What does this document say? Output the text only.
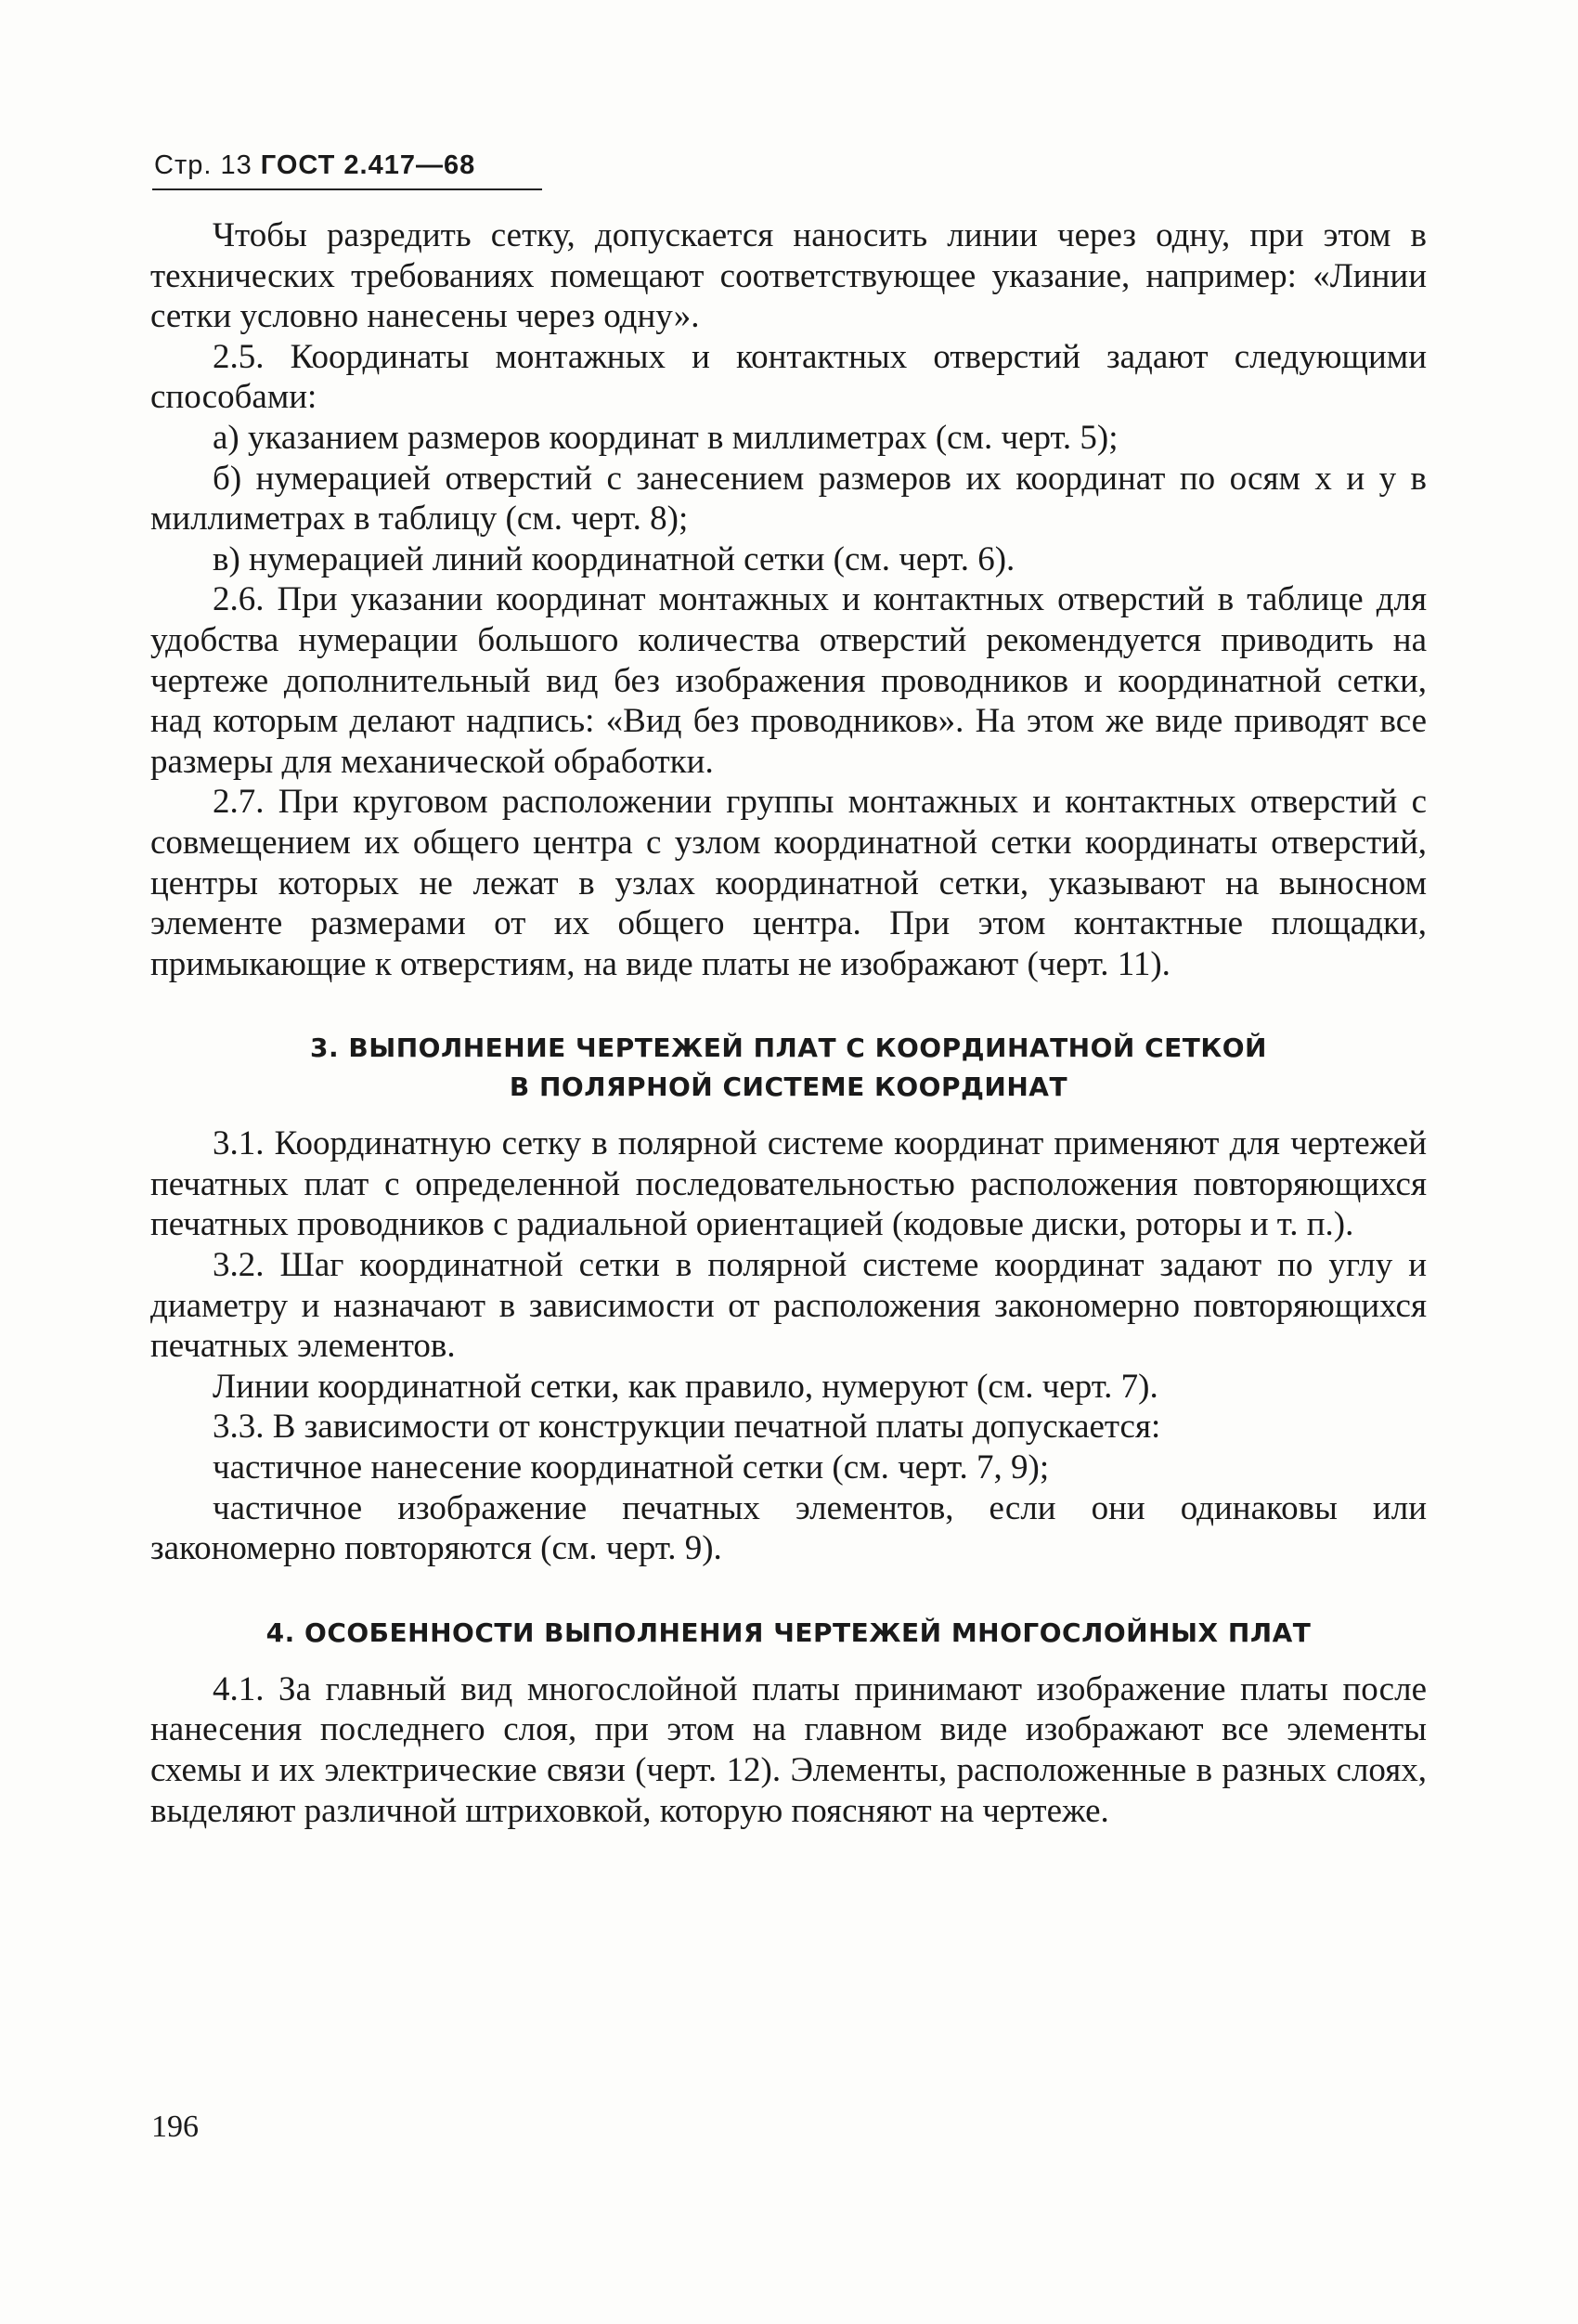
Стр. 13 ГОСТ 2.417—68

Чтобы разредить сетку, допускается наносить линии через одну, при этом в технических требованиях помещают соответствующее указание, например: «Линии сетки условно нанесены через одну».

2.5. Координаты монтажных и контактных отверстий задают следующими способами:

а) указанием размеров координат в миллиметрах (см. черт. 5);

б) нумерацией отверстий с занесением размеров их координат по осям x и y в миллиметрах в таблицу (см. черт. 8);

в) нумерацией линий координатной сетки (см. черт. 6).

2.6. При указании координат монтажных и контактных отверстий в таблице для удобства нумерации большого количества отверстий рекомендуется приводить на чертеже дополнительный вид без изображения проводников и координатной сетки, над которым делают надпись: «Вид без проводников». На этом же виде приводят все размеры для механической обработки.

2.7. При круговом расположении группы монтажных и контактных отверстий с совмещением их общего центра с узлом координатной сетки координаты отверстий, центры которых не лежат в узлах координатной сетки, указывают на выносном элементе размерами от их общего центра. При этом контактные площадки, примыкающие к отверстиям, на виде платы не изображают (черт. 11).

3. ВЫПОЛНЕНИЕ ЧЕРТЕЖЕЙ ПЛАТ С КООРДИНАТНОЙ СЕТКОЙ

В ПОЛЯРНОЙ СИСТЕМЕ КООРДИНАТ

3.1. Координатную сетку в полярной системе координат применяют для чертежей печатных плат с определенной последовательностью расположения повторяющихся печатных проводников с радиальной ориентацией (кодовые диски, роторы и т. п.).

3.2. Шаг координатной сетки в полярной системе координат задают по углу и диаметру и назначают в зависимости от расположения закономерно повторяющихся печатных элементов.

Линии координатной сетки, как правило, нумеруют (см. черт. 7).

3.3. В зависимости от конструкции печатной платы допускается:

частичное нанесение координатной сетки (см. черт. 7, 9);

частичное изображение печатных элементов, если они одинаковы или закономерно повторяются (см. черт. 9).

4. ОСОБЕННОСТИ ВЫПОЛНЕНИЯ ЧЕРТЕЖЕЙ МНОГОСЛОЙНЫХ ПЛАТ

4.1. За главный вид многослойной платы принимают изображение платы после нанесения последнего слоя, при этом на главном виде изображают все элементы схемы и их электрические связи (черт. 12). Элементы, расположенные в разных слоях, выделяют различной штриховкой, которую поясняют на чертеже.

196
